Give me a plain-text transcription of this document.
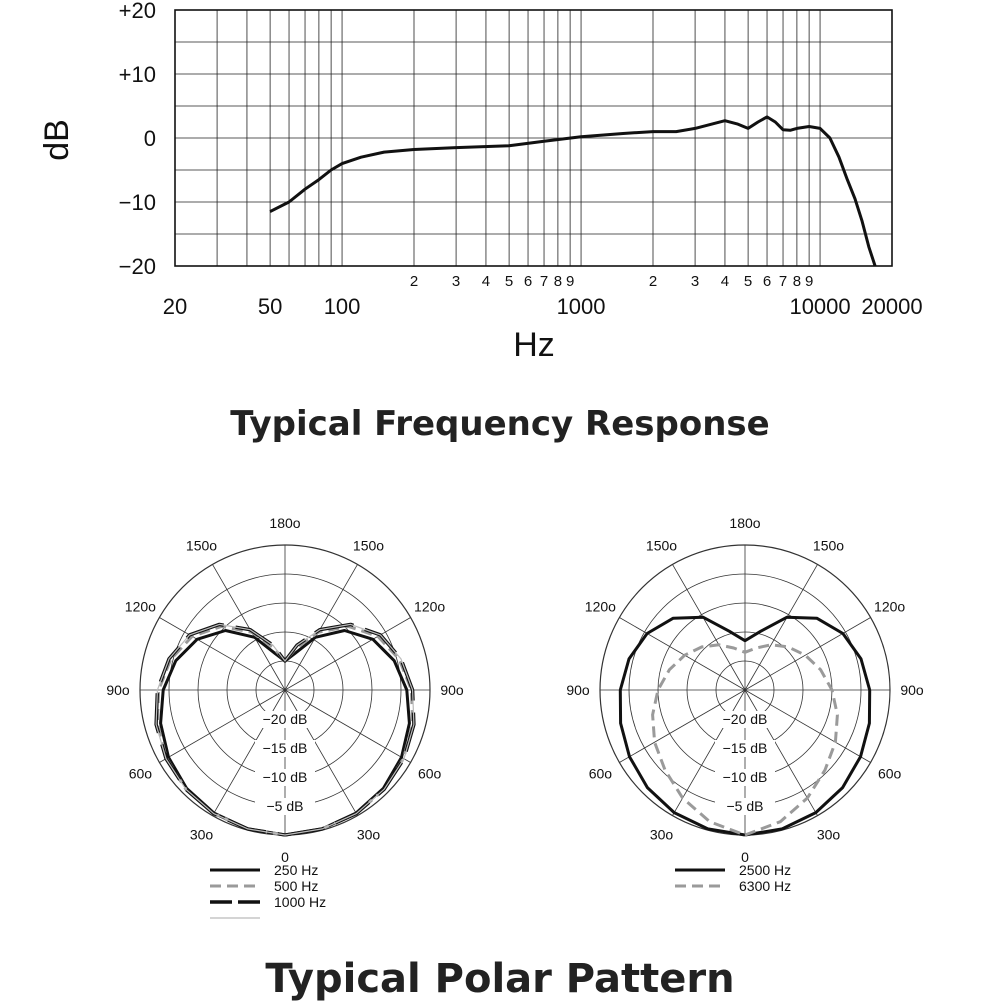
+20
+10
0
−10
−20
2 3 4 5 6 7 8 9	2 3 4 5 6 7 8 9
20	50 100	1000	10000 20000
Hz
dB
0
30o
30o
60o
60o
90o
90o
120o
120o
150o
150o
180o
−5 dB
−10 dB
−15 dB
−20 dB
250 Hz
500 Hz
1000 Hz
0
30o
30o
60o
60o
90o
90o
120o
120o
150o
150o
180o
−5 dB
−10 dB
−15 dB
−20 dB
2500 Hz
6300 Hz
Typical Frequency Response
Typical Polar Pattern
